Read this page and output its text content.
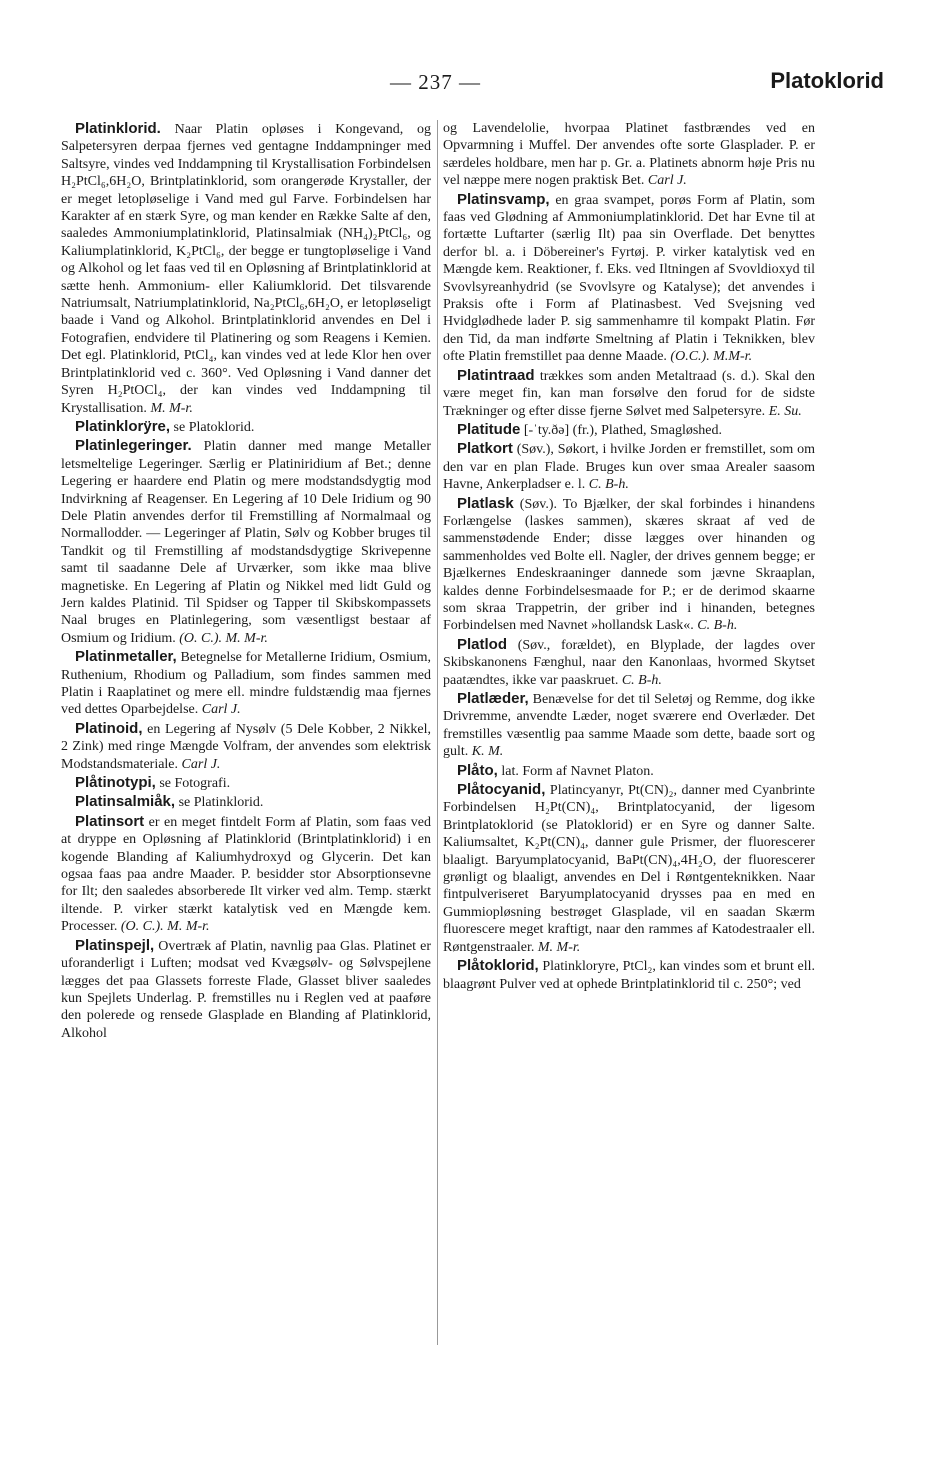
— 237 —	Platoklorid

Platinklorid. Naar Platin opløses i Kongevand, og Salpetersyren derpaa fjernes ved gentagne Inddampninger med Saltsyre, vindes ved Inddampning til Krystallisation Forbindelsen H₂PtCl₆,6H₂O, Brintplatinklorid, som orangerøde Krystaller, der er meget letopløselige i Vand med gul Farve. Forbindelsen har Karakter af en stærk Syre, og man kender en Række Salte af den, saaledes Ammoniumplatinklorid, Platinsalmiak (NH₄)₂PtCl₆, og Kaliumplatinklorid, K₂PtCl₆, der begge er tungtopløselige i Vand og Alkohol og let faas ved til en Opløsning af Brintplatinklorid at sætte henh. Ammonium- eller Kaliumklorid. Det tilsvarende Natriumsalt, Natriumplatinklorid, Na₂PtCl₆,6H₂O, er letopløseligt baade i Vand og Alkohol. Brintplatinklorid anvendes en Del i Fotografien, endvidere til Platinering og som Reagens i Kemien. Det egl. Platinklorid, PtCl₄, kan vindes ved at lede Klor hen over Brintplatinklorid ved c. 360°. Ved Opløsning i Vand danner det Syren H₂PtOCl₄, der kan vindes ved Inddampning til Krystallisation. M. M-r.

Platinklorÿre, se Platoklorid.

Platinlegeringer. Platin danner med mange Metaller letsmeltelige Legeringer. Særlig er Platiniridium af Bet.; denne Legering er haardere end Platin og mere modstandsdygtig mod Indvirkning af Reagenser. En Legering af 10 Dele Iridium og 90 Dele Platin anvendes derfor til Fremstilling af Normalmaal og Normallodder. — Legeringer af Platin, Sølv og Kobber bruges til Tandkit og til Fremstilling af modstandsdygtige Skrivepenne samt til saadanne Dele af Urværker, som ikke maa blive magnetiske. En Legering af Platin og Nikkel med lidt Guld og Jern kaldes Platinid. Til Spidser og Tapper til Skibskompassets Naal bruges en Platinlegering, som væsentligst bestaar af Osmium og Iridium. (O. C.). M. M-r.

Platinmetaller, Betegnelse for Metallerne Iridium, Osmium, Ruthenium, Rhodium og Palladium, som findes sammen med Platin i Raaplatinet og mere ell. mindre fuldstændig maa fjernes ved dettes Oparbejdelse. Carl J.

Platinoid, en Legering af Nysølv (5 Dele Kobber, 2 Nikkel, 2 Zink) med ringe Mængde Volfram, der anvendes som elektrisk Modstandsmateriale. Carl J.

Plåtinotypi, se Fotografi.

Platinsalmiåk, se Platinklorid.

Platinsort er en meget fintdelt Form af Platin, som faas ved at dryppe en Opløsning af Platinklorid (Brintplatinklorid) i en kogende Blanding af Kaliumhydroxyd og Glycerin. Det kan ogsaa faas paa andre Maader. P. besidder stor Absorptionsevne for Ilt; den saaledes absorberede Ilt virker ved alm. Temp. stærkt iltende. P. virker stærkt katalytisk ved en Mængde kem. Processer. (O. C.). M. M-r.

Platinspejl, Overtræk af Platin, navnlig paa Glas. Platinet er uforanderligt i Luften; modsat ved Kvægsølv- og Sølvspejlene lægges det paa Glassets forreste Flade, Glasset bliver saaledes kun Spejlets Underlag. P. fremstilles nu i Reglen ved at paaføre den polerede og rensede Glasplade en Blanding af Platinklorid, Alkohol

og Lavendelolie, hvorpaa Platinet fastbrændes ved en Opvarmning i Muffel. Der anvendes ofte sorte Glasplader. P. er særdeles holdbare, men har p. Gr. a. Platinets abnorm høje Pris nu vel næppe mere nogen praktisk Bet. Carl J.

Platinsvamp, en graa svampet, porøs Form af Platin, som faas ved Glødning af Ammoniumplatinklorid. Det har Evne til at fortætte Luftarter (særlig Ilt) paa sin Overflade. Det benyttes derfor bl. a. i Döbereiner's Fyrtøj. P. virker katalytisk ved en Mængde kem. Reaktioner, f. Eks. ved Iltningen af Svovldioxyd til Svovlsyreanhydrid (se Svovlsyre og Katalyse); det anvendes i Praksis ofte i Form af Platinasbest. Ved Svejsning ved Hvidglødhede lader P. sig sammenhamre til kompakt Platin. Før den Tid, da man indførte Smeltning af Platin i Teknikken, blev ofte Platin fremstillet paa denne Maade. (O.C.). M.M-r.

Platintraad trækkes som anden Metaltraad (s. d.). Skal den være meget fin, kan man forsølve den forud for de sidste Trækninger og efter disse fjerne Sølvet med Salpetersyre. E. Su.

Platitude [-ˈty.ðə] (fr.), Plathed, Smagløshed.

Platkort (Søv.), Søkort, i hvilke Jorden er fremstillet, som om den var en plan Flade. Bruges kun over smaa Arealer saasom Havne, Ankerpladser e. l. C. B-h.

Platlask (Søv.). To Bjælker, der skal forbindes i hinandens Forlængelse (laskes sammen), skæres skraat af ved de sammenstødende Ender; disse lægges over hinanden og sammenholdes ved Bolte ell. Nagler, der drives gennem begge; er Bjælkernes Endeskraaninger dannede som jævne Skraaplan, kaldes denne Forbindelsesmaade for P.; er de derimod skaarne som skraa Trappetrin, der griber ind i hinanden, betegnes Forbindelsen med Navnet »hollandsk Lask«. C. B-h.

Platlod (Søv., forældet), en Blyplade, der lagdes over Skibskanonens Fænghul, naar den Kanonlaas, hvormed Skytset paatændtes, ikke var paaskruet. C. B-h.

Platlæder, Benævelse for det til Seletøj og Remme, dog ikke Drivremme, anvendte Læder, noget sværere end Overlæder. Det fremstilles væsentlig paa samme Maade som dette, baade sort og gult. K. M.

Plåto, lat. Form af Navnet Platon.

Plåtocyanid, Platincyanyr, Pt(CN)₂, danner med Cyanbrinte Forbindelsen H₂Pt(CN)₄, Brintplatocyanid, der ligesom Brintplatoklorid (se Platoklorid) er en Syre og danner Salte. Kaliumsaltet, K₂Pt(CN)₄, danner gule Prismer, der fluorescerer blaaligt. Baryumplatocyanid, BaPt(CN)₄,4H₂O, der fluorescerer grønligt og blaaligt, anvendes en Del i Røntgenteknikken. Naar fintpulveriseret Baryumplatocyanid drysses paa en med en Gummiopløsning bestrøget Glasplade, vil en saadan Skærm fluorescere meget kraftigt, naar den rammes af Katodestraaler ell. Røntgenstraaler. M. M-r.

Plåtoklorid, Platinkloryre, PtCl₂, kan vindes som et brunt ell. blaagrønt Pulver ved at ophede Brintplatinklorid til c. 250°; ved
